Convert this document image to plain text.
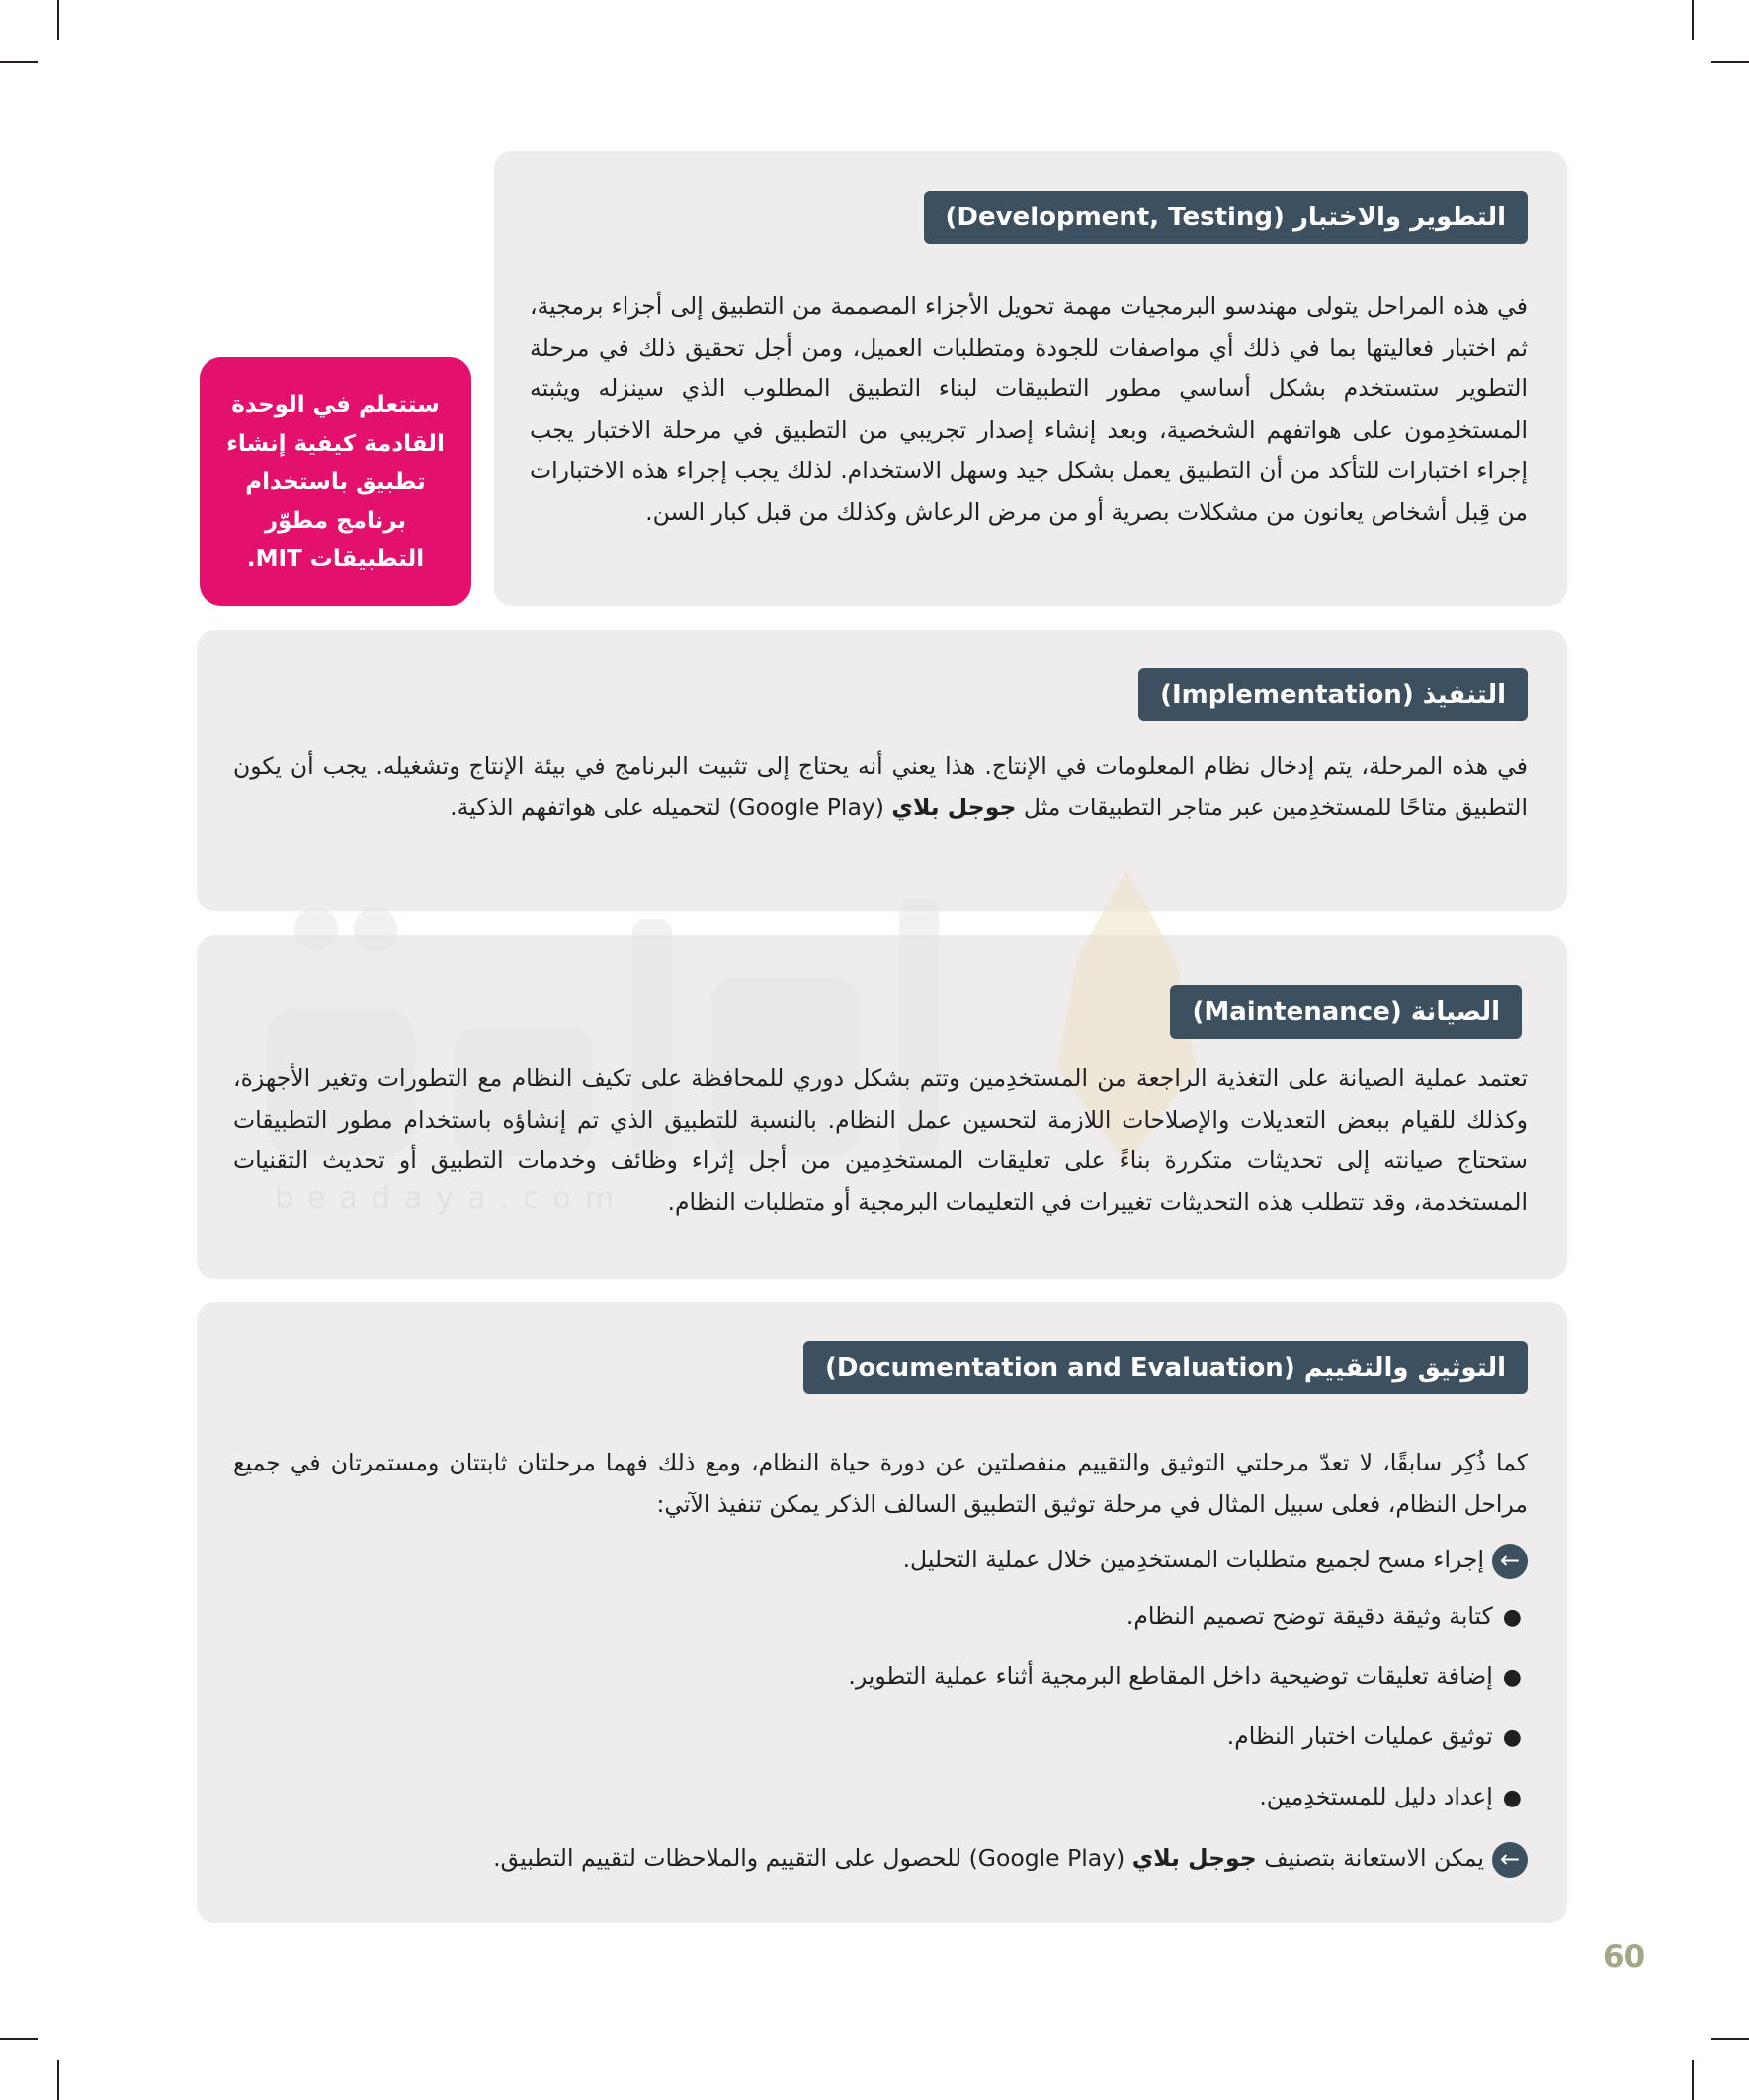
التطوير والاختبار (Development, Testing)
في هذه المراحل يتولى مهندسو البرمجيات مهمة تحويل الأجزاء المصممة من التطبيق إلى أجزاء برمجية، ثم اختبار فعاليتها بما في ذلك أي مواصفات للجودة ومتطلبات العميل، ومن أجل تحقيق ذلك في مرحلة التطوير ستستخدم بشكل أساسي مطور التطبيقات لبناء التطبيق المطلوب الذي سينزله ويثبته المستخدِمون على هواتفهم الشخصية، وبعد إنشاء إصدار تجريبي من التطبيق في مرحلة الاختبار يجب إجراء اختبارات للتأكد من أن التطبيق يعمل بشكل جيد وسهل الاستخدام. لذلك يجب إجراء هذه الاختبارات من قِبل أشخاص يعانون من مشكلات بصرية أو من مرض الرعاش وكذلك من قبل كبار السن.
ستتعلم في الوحدة القادمة كيفية إنشاء تطبيق باستخدام برنامج مطوّر التطبيقات MIT.
التنفيذ (Implementation)
في هذه المرحلة، يتم إدخال نظام المعلومات في الإنتاج. هذا يعني أنه يحتاج إلى تثبيت البرنامج في بيئة الإنتاج وتشغيله. يجب أن يكون التطبيق متاحًا للمستخدِمين عبر متاجر التطبيقات مثل جوجل بلاي (Google Play) لتحميله على هواتفهم الذكية.
beadaya.com
الصيانة (Maintenance)
تعتمد عملية الصيانة على التغذية الراجعة من المستخدِمين وتتم بشكل دوري للمحافظة على تكيف النظام مع التطورات وتغير الأجهزة، وكذلك للقيام ببعض التعديلات والإصلاحات اللازمة لتحسين عمل النظام. بالنسبة للتطبيق الذي تم إنشاؤه باستخدام مطور التطبيقات ستحتاج صيانته إلى تحديثات متكررة بناءً على تعليقات المستخدِمين من أجل إثراء وظائف وخدمات التطبيق أو تحديث التقنيات المستخدمة، وقد تتطلب هذه التحديثات تغييرات في التعليمات البرمجية أو متطلبات النظام.
التوثيق والتقييم (Documentation and Evaluation)
كما ذُكِر سابقًا، لا تعدّ مرحلتي التوثيق والتقييم منفصلتين عن دورة حياة النظام، ومع ذلك فهما مرحلتان ثابتتان ومستمرتان في جميع مراحل النظام، فعلى سبيل المثال في مرحلة توثيق التطبيق السالف الذكر يمكن تنفيذ الآتي:
←إجراء مسح لجميع متطلبات المستخدِمين خلال عملية التحليل.
●كتابة وثيقة دقيقة توضح تصميم النظام.
●إضافة تعليقات توضيحية داخل المقاطع البرمجية أثناء عملية التطوير.
●توثيق عمليات اختبار النظام.
●إعداد دليل للمستخدِمين.
←يمكن الاستعانة بتصنيف جوجل بلاي (Google Play) للحصول على التقييم والملاحظات لتقييم التطبيق.
60
